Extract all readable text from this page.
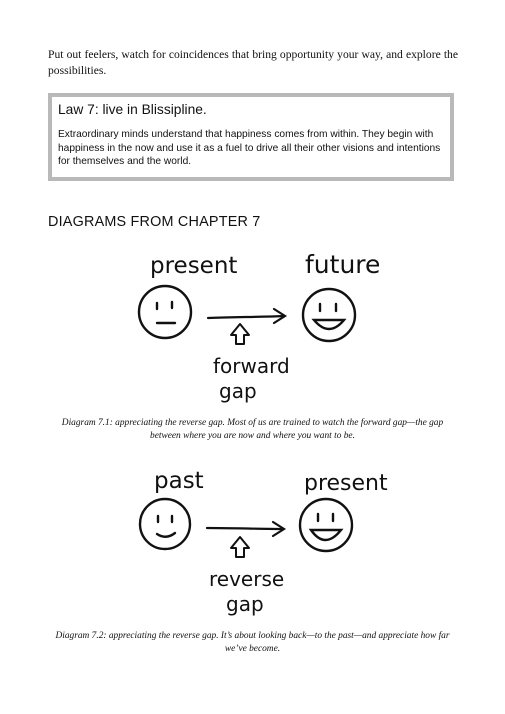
Put out feelers, watch for coincidences that bring opportunity your way, and explore the possibilities.

Law 7: live in Blissipline.

Extraordinary minds understand that happiness comes from within. They begin with happiness in the now and use it as a fuel to drive all their other visions and intentions for themselves and the world.

DIAGRAMS FROM CHAPTER 7
present	future
forward
gap

Diagram 7.1: appreciating the reverse gap. Most of us are trained to watch the forward gap—the gap between where you are now and where you want to be.

past	present
reverse
gap

Diagram 7.2: appreciating the reverse gap. It’s about looking back—to the past—and appreciate how far we’ve become.
